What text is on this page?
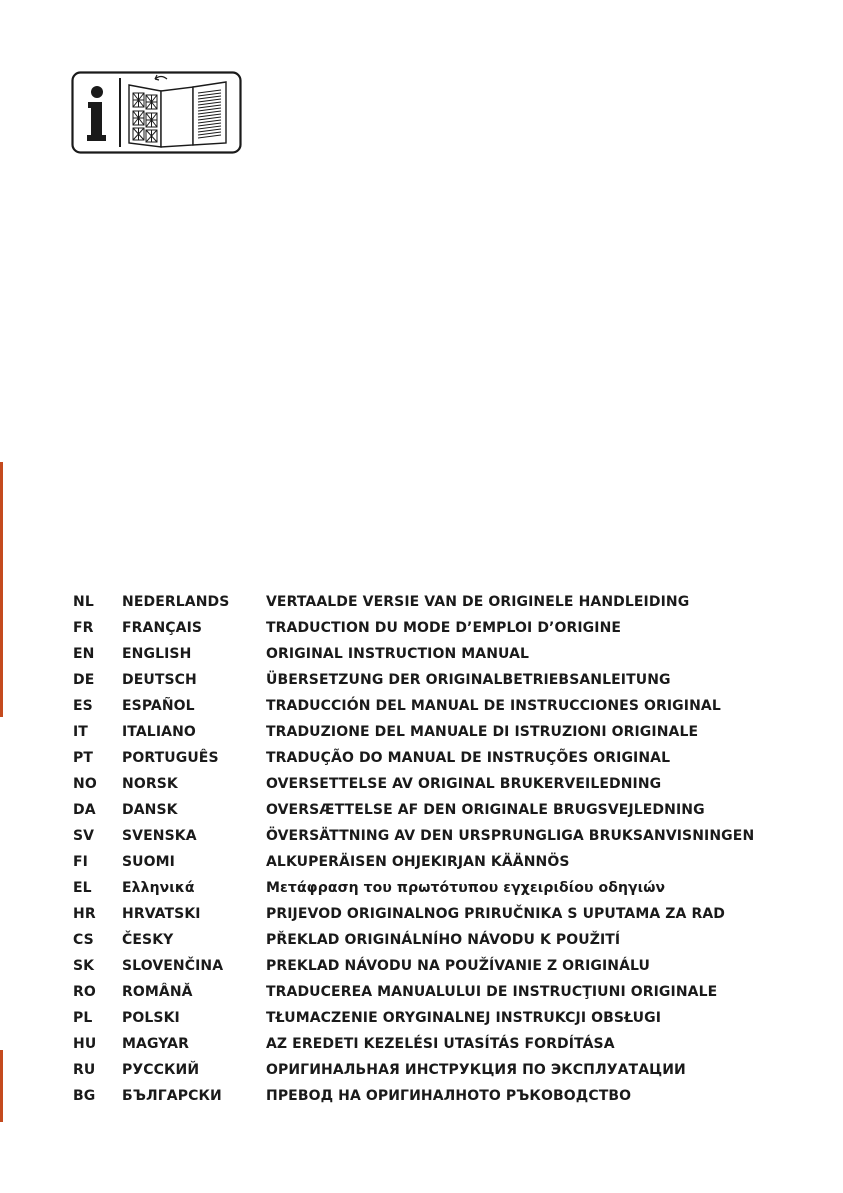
NL NEDERLANDS	VERTAALDE VERSIE VAN DE ORIGINELE HANDLEIDING
FR FRANÇAIS	TRADUCTION DU MODE D’EMPLOI D’ORIGINE
EN ENGLISH	ORIGINAL INSTRUCTION MANUAL
DE DEUTSCH	ÜBERSETZUNG DER ORIGINALBETRIEBSANLEITUNG
ES ESPAÑOL	TRADUCCIÓN DEL MANUAL DE INSTRUCCIONES ORIGINAL
IT ITALIANO	TRADUZIONE DEL MANUALE DI ISTRUZIONI ORIGINALE
PT PORTUGUÊS	TRADUÇÃO DO MANUAL DE INSTRUÇÕES ORIGINAL
NO NORSK	OVERSETTELSE AV ORIGINAL BRUKERVEILEDNING
DA DANSK	OVERSÆTTELSE AF DEN ORIGINALE BRUGSVEJLEDNING
SV SVENSKA	ÖVERSÄTTNING AV DEN URSPRUNGLIGA BRUKSANVISNINGEN
FI SUOMI	ALKUPERÄISEN OHJEKIRJAN KÄÄNNÖS
EL Ελληνικά	Μετάφραση του πρωτότυπου εγχειριδίου οδηγιών
HR HRVATSKI	PRIJEVOD ORIGINALNOG PRIRUČNIKA S UPUTAMA ZA RAD
CS ČESKY	PŘEKLAD ORIGINÁLNÍHO NÁVODU K POUŽITÍ
SK SLOVENČINA	PREKLAD NÁVODU NA POUŽÍVANIE Z ORIGINÁLU
RO ROMÂNĂ	TRADUCEREA MANUALULUI DE INSTRUCŢIUNI ORIGINALE
PL POLSKI	TŁUMACZENIE ORYGINALNEJ INSTRUKCJI OBSŁUGI
HU MAGYAR	AZ EREDETI KEZELÉSI UTASÍTÁS FORDÍTÁSA
RU РУССКИЙ	ОРИГИНАЛЬНАЯ ИНСТРУКЦИЯ ПО ЭКСПЛУАТАЦИИ
BG БЪЛГАРСКИ	ПРЕВОД НА ОРИГИНАЛНОТО РЪКОВОДСТВО
